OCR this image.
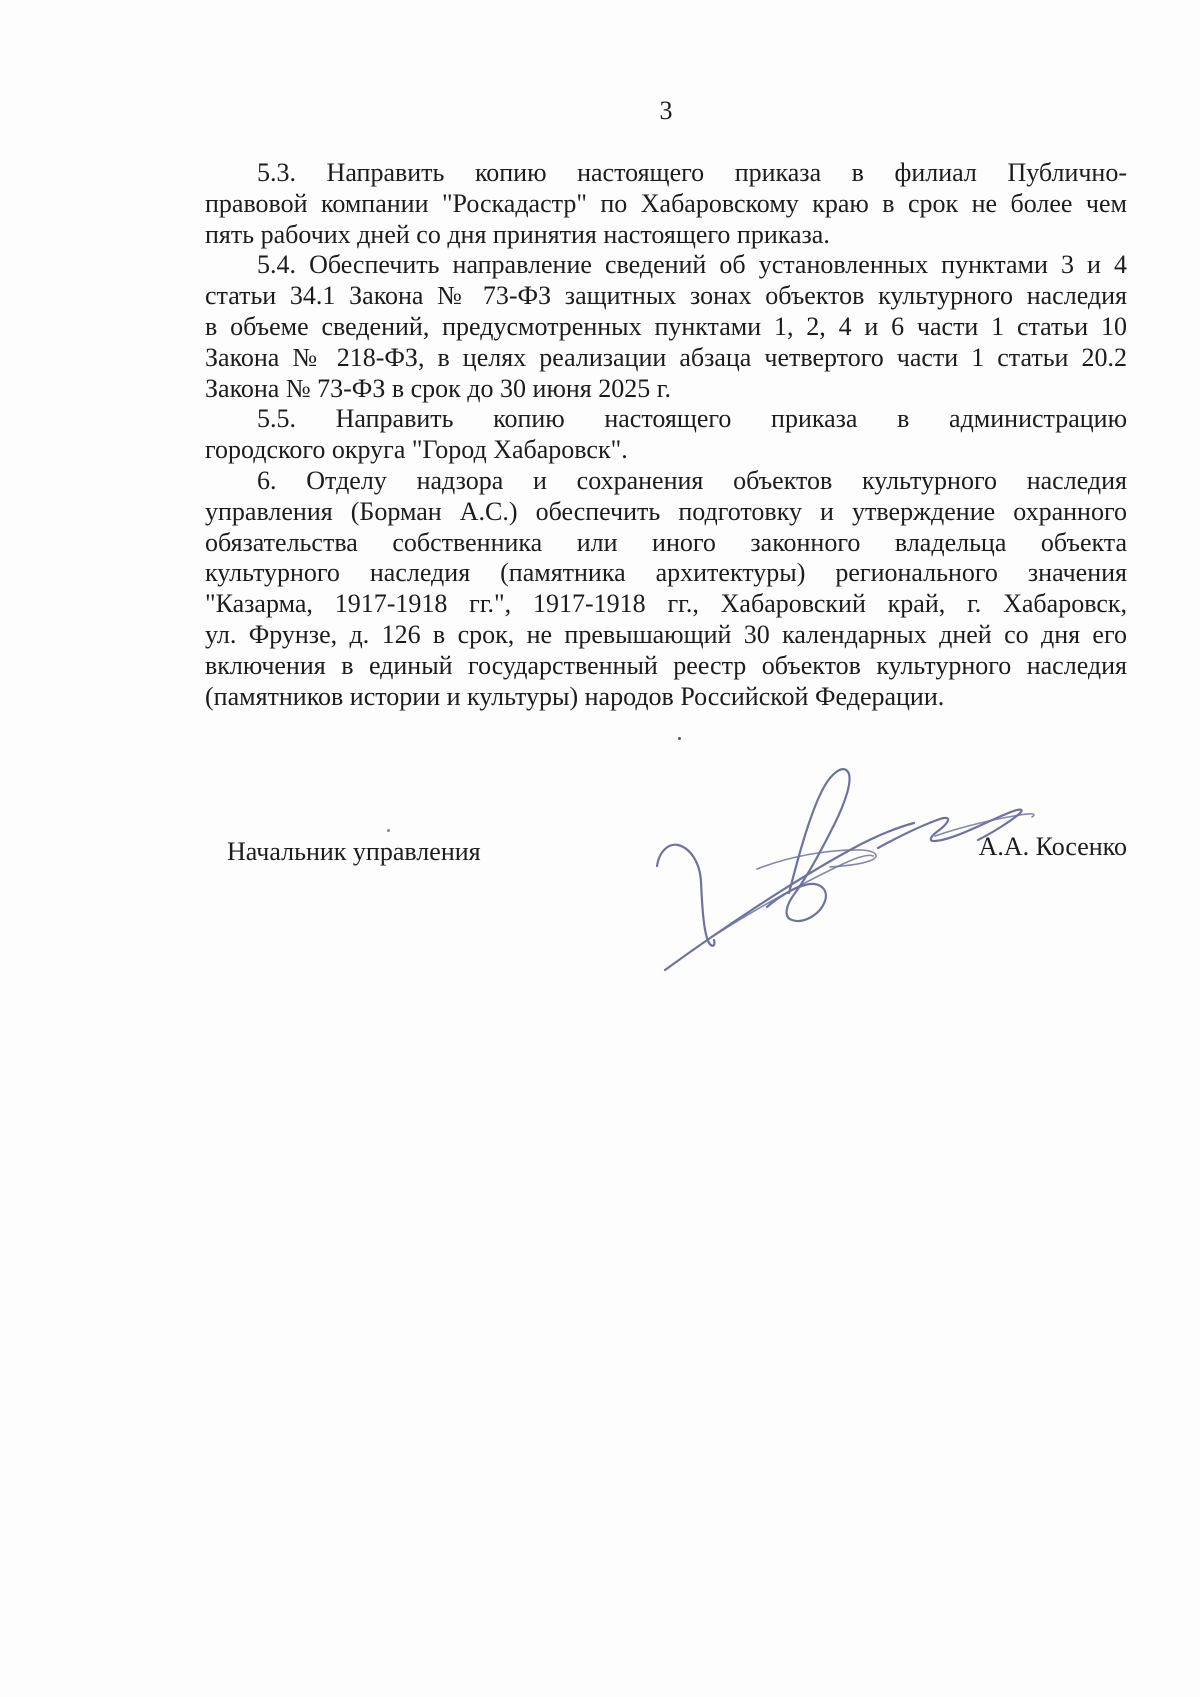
3
5.3. Направить копию настоящего приказа в филиал Публично-
правовой компании "Роскадастр" по Хабаровскому краю в срок не более чем
пять рабочих дней со дня принятия настоящего приказа.
5.4. Обеспечить направление сведений об установленных пунктами 3 и 4
статьи 34.1 Закона № 73-ФЗ защитных зонах объектов культурного наследия
в объеме сведений, предусмотренных пунктами 1, 2, 4 и 6 части 1 статьи 10
Закона № 218-ФЗ, в целях реализации абзаца четвертого части 1 статьи 20.2
Закона № 73-ФЗ в срок до 30 июня 2025 г.
5.5. Направить копию настоящего приказа в администрацию
городского округа "Город Хабаровск".
6. Отделу надзора и сохранения объектов культурного наследия
управления (Борман А.С.) обеспечить подготовку и утверждение охранного
обязательства собственника или иного законного владельца объекта
культурного наследия (памятника архитектуры) регионального значения
"Казарма, 1917-1918 гг.", 1917-1918 гг., Хабаровский край, г. Хабаровск,
ул. Фрунзе, д. 126 в срок, не превышающий 30 календарных дней со дня его
включения в единый государственный реестр объектов культурного наследия
(памятников истории и культуры) народов Российской Федерации.
Начальник управления	А.А. Косенко
